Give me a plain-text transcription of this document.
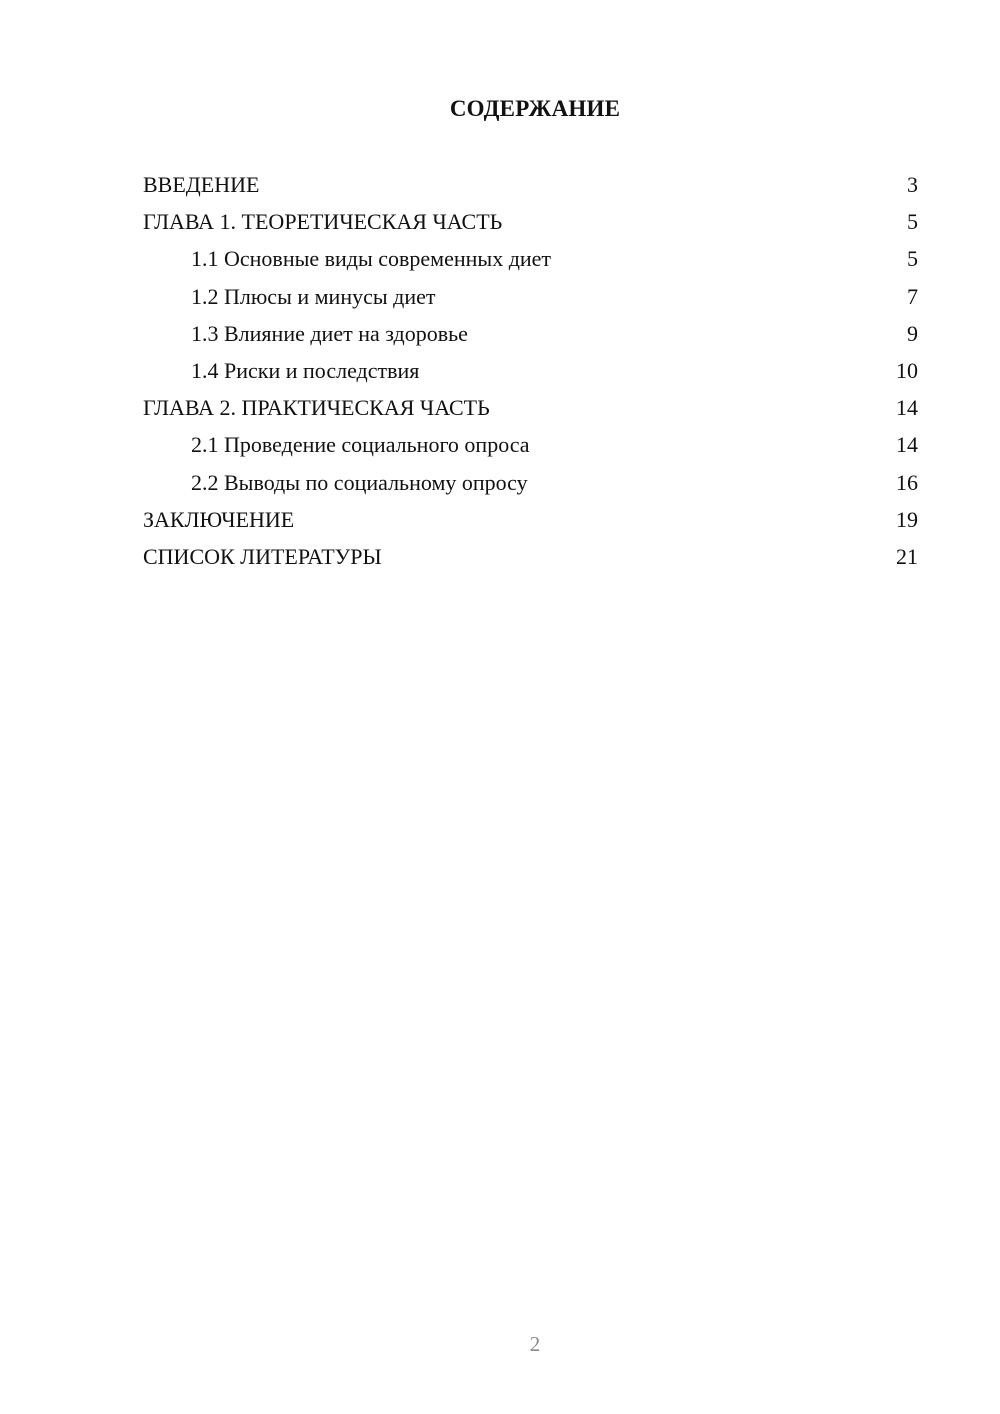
СОДЕРЖАНИЕ
ВВЕДЕНИЕ	3
ГЛАВА 1. ТЕОРЕТИЧЕСКАЯ ЧАСТЬ	5
1.1 Основные виды современных диет	5
1.2 Плюсы и минусы диет	7
1.3 Влияние диет на здоровье	9
1.4 Риски и последствия	10
ГЛАВА 2. ПРАКТИЧЕСКАЯ ЧАСТЬ	14
2.1 Проведение социального опроса	14
2.2 Выводы по социальному опросу	16
ЗАКЛЮЧЕНИЕ	19
СПИСОК ЛИТЕРАТУРЫ	21
2
